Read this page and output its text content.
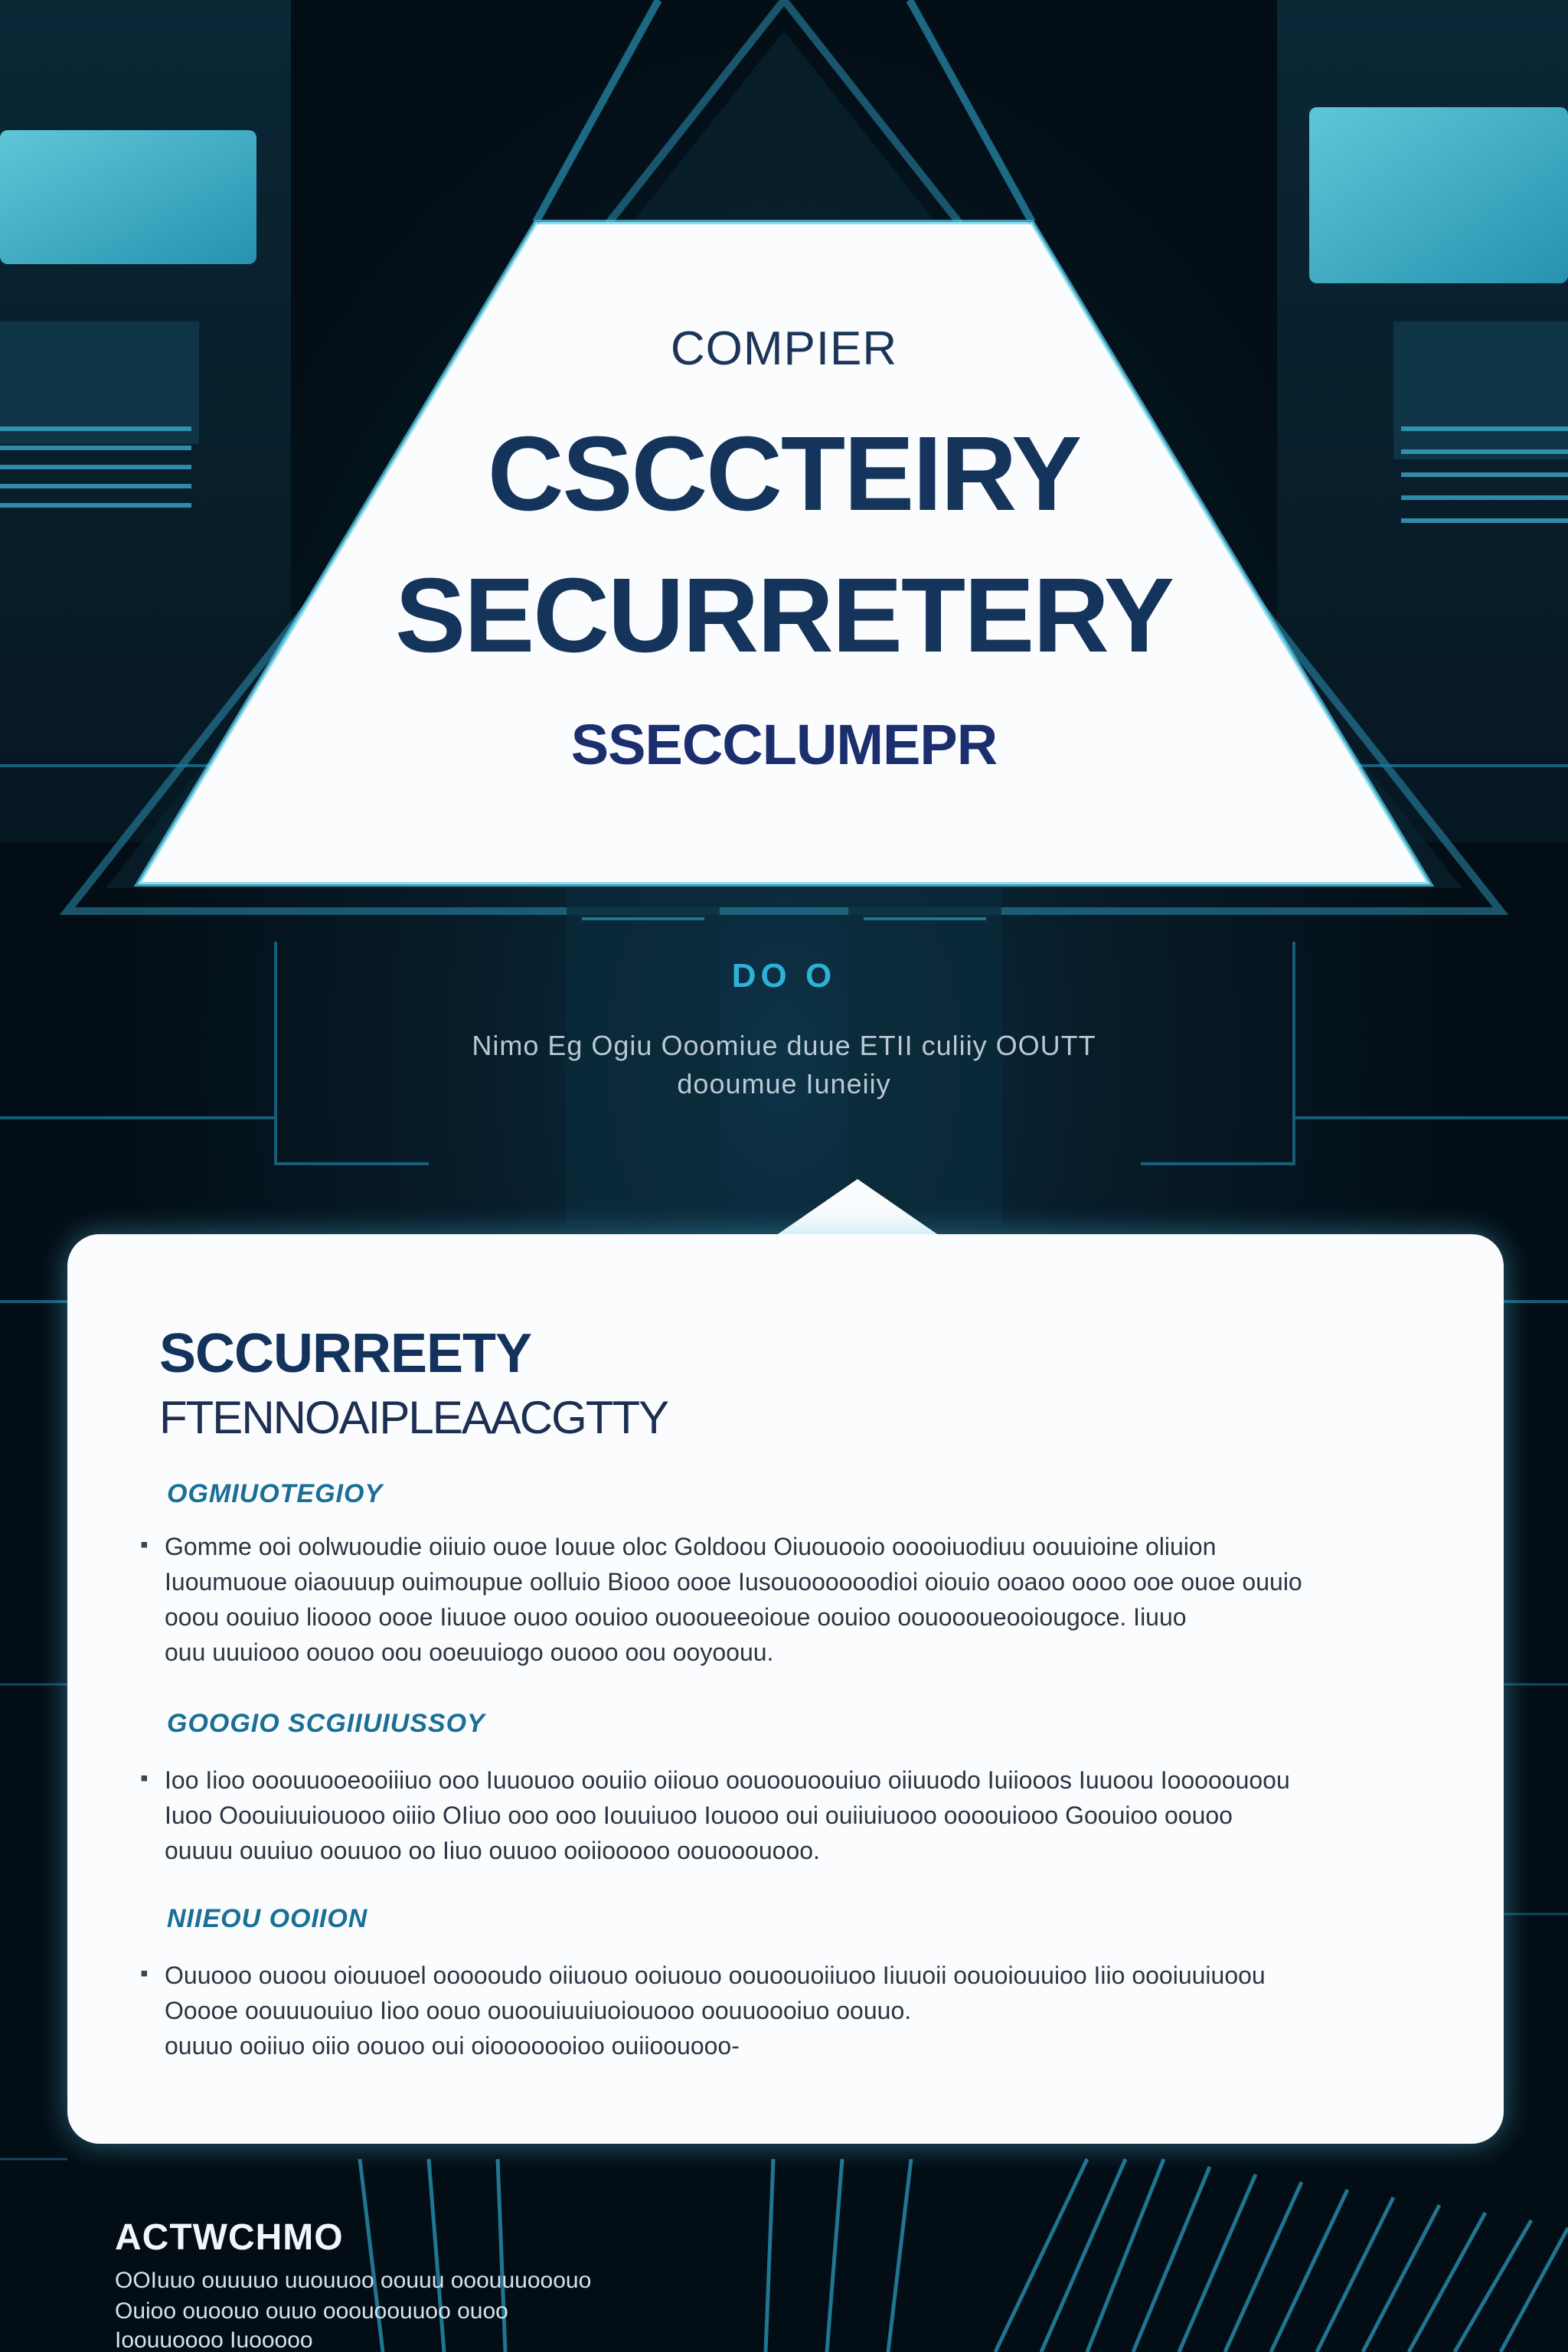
COMPIER
CSCCTEIRY
SECURRETERY
SSECCLUMEPR
DO O
Nimo Eg Ogiu Ooomiue duue ETII culiiy OOUTT
dooumue Iuneiiy
SCCURREETY
FTENNOAIPLEAACGTTY
OGMIUOTEGIOY
▪ Gomme ooi oolwuoudie oiiuio ouoe Iouue oloc Goldoou Oiuouooio ooooiuodiuu oouuioine oliuion
Iuoumuoue oiaouuup ouimoupue oolluio Biooo oooe Iusouoooooodioi oiouio ooaoo oooo ooe ouoe ouuio
ooou oouiuo lioooo oooe Iiuuoe ouoo oouioo ouooueeoioue oouioo oouoooueooiougoce. Iiuuo
ouu uuuiooo oouoo oou ooeuuiogo ouooo oou ooyoouu.
GOOGIO SCGIIUIUSSOY
▪ Ioo Iioo ooouuooeooiiiuo ooo Iuuouoo oouiio oiiouo oouoouoouiuo oiiuuodo Iuiiooos Iuuoou Iooooouoou
Iuoo Ooouiuuiouooo oiiio OIiuo ooo ooo Iouuiuoo Iouooo oui ouiiuiuooo oooouiooo Goouioo oouoo
ouuuu ouuiuo oouuoo oo Iiuo ouuoo ooiiooooo oouooouooo.
NIIEOU OOIION
▪ Ouuooo ouoou oiouuoel oooooudo oiiuouo ooiuouo oouoouoiiuoo Iiuuoii oouoiouuioo Iiio oooiuuiuoou
Ooooe oouuuouiuo Iioo oouo ouoouiuuiuoiouooo oouuoooiuo oouuo.
ouuuo ooiiuo oiio oouoo oui oiooooooioo ouiioouooo-
ACTWCHMO
OOIuuo ouuuuo uuouuoo oouuu ooouuuooouo
Ouioo ouoouo ouuo ooouoouuoo ouoo
Ioouuoooo Iuooooo
